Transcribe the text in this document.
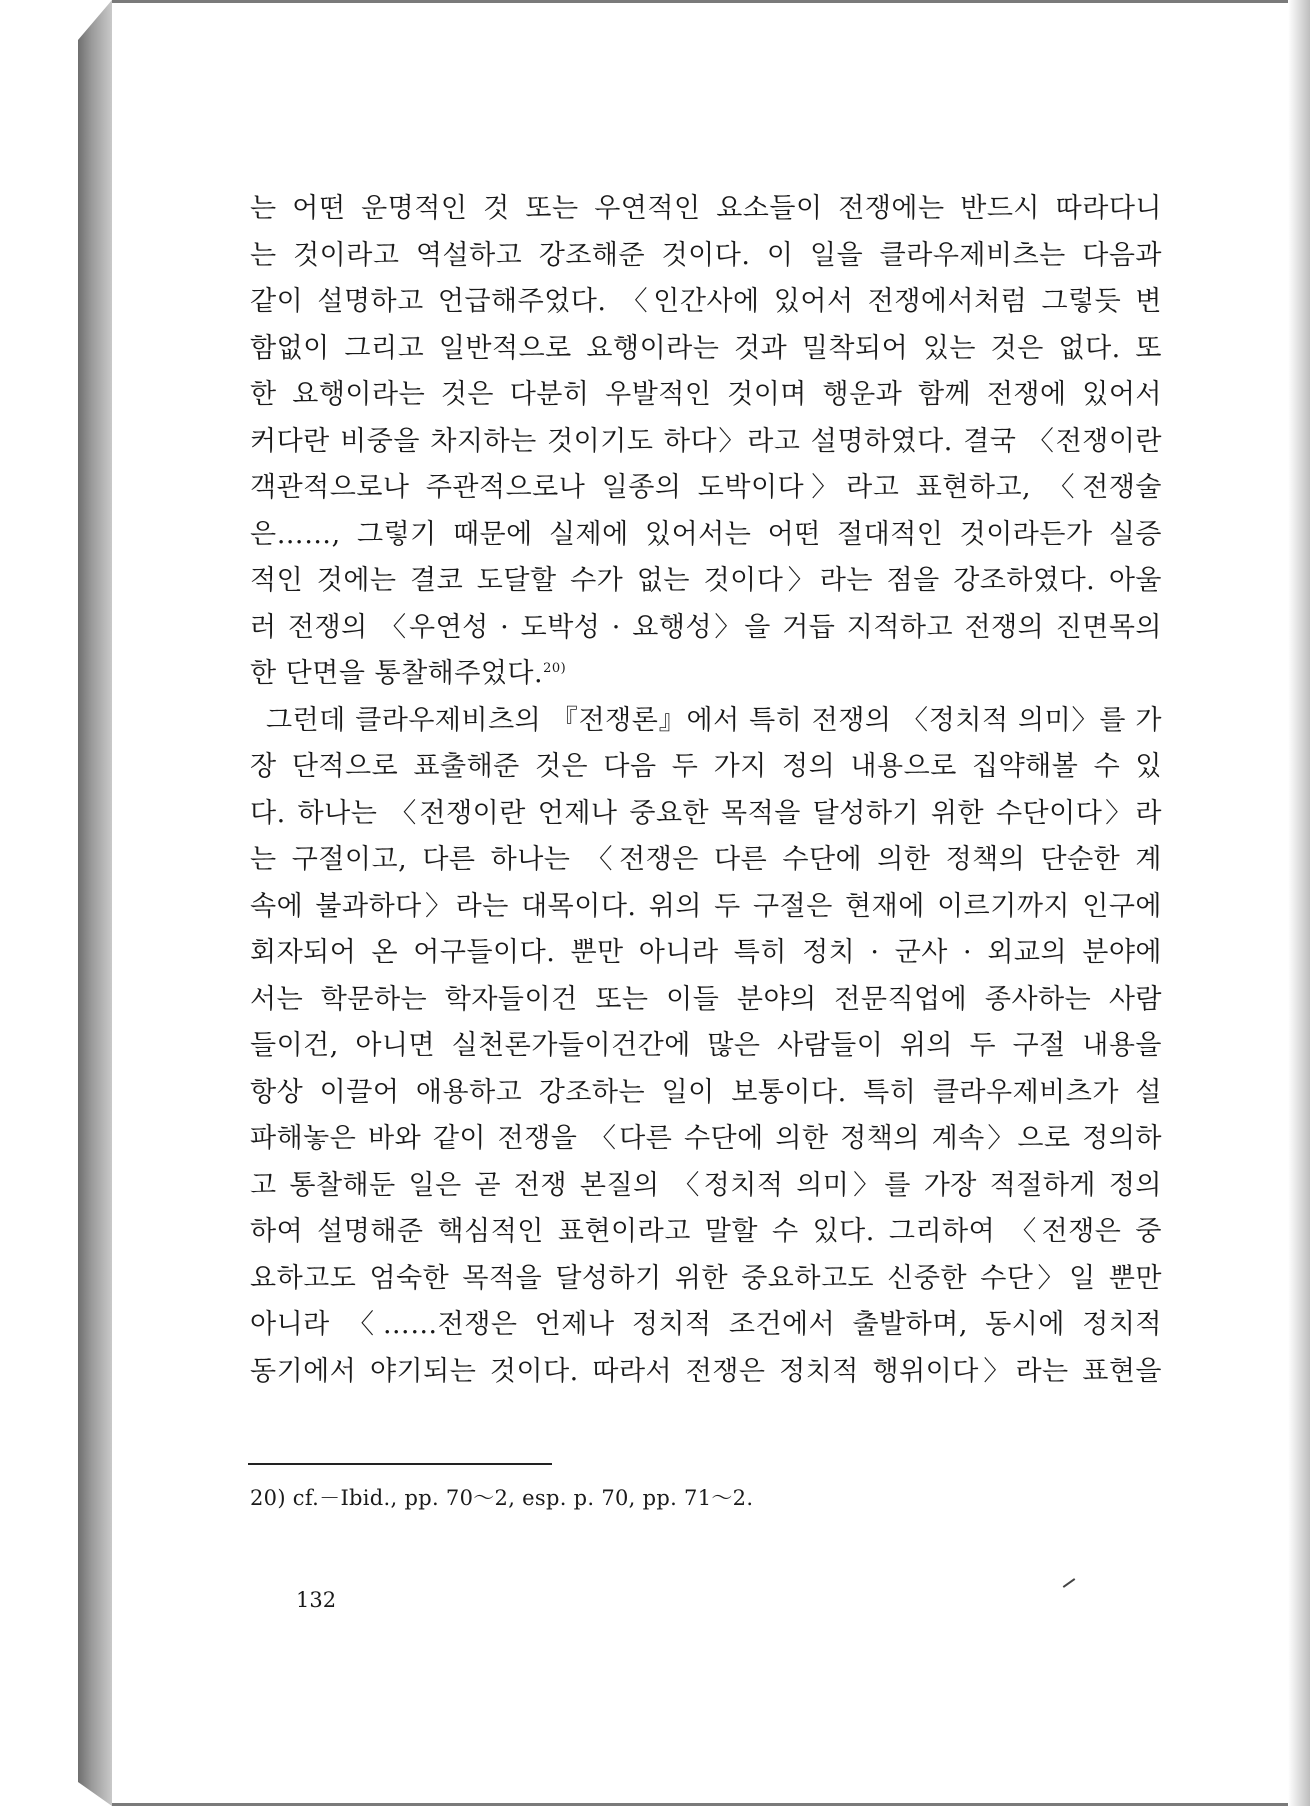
는 어떤 운명적인 것 또는 우연적인 요소들이 전쟁에는 반드시 따라다니
는 것이라고 역설하고 강조해준 것이다. 이 일을 클라우제비츠는 다음과
같이 설명하고 언급해주었다. 〈인간사에 있어서 전쟁에서처럼 그렇듯 변
함없이 그리고 일반적으로 요행이라는 것과 밀착되어 있는 것은 없다. 또
한 요행이라는 것은 다분히 우발적인 것이며 행운과 함께 전쟁에 있어서
커다란 비중을 차지하는 것이기도 하다〉라고 설명하였다. 결국 〈전쟁이란
객관적으로나 주관적으로나 일종의 도박이다〉라고 표현하고, 〈전쟁술
은……, 그렇기 때문에 실제에 있어서는 어떤 절대적인 것이라든가 실증
적인 것에는 결코 도달할 수가 없는 것이다〉라는 점을 강조하였다. 아울
러 전쟁의 〈우연성 · 도박성 · 요행성〉을 거듭 지적하고 전쟁의 진면목의
한 단면을 통찰해주었다.$^{20)}$
그런데 클라우제비츠의 『전쟁론』에서 특히 전쟁의 〈정치적 의미〉를 가
장 단적으로 표출해준 것은 다음 두 가지 정의 내용으로 집약해볼 수 있
다. 하나는 〈전쟁이란 언제나 중요한 목적을 달성하기 위한 수단이다〉라
는 구절이고, 다른 하나는 〈전쟁은 다른 수단에 의한 정책의 단순한 계
속에 불과하다〉라는 대목이다. 위의 두 구절은 현재에 이르기까지 인구에
회자되어 온 어구들이다. 뿐만 아니라 특히 정치 · 군사 · 외교의 분야에
서는 학문하는 학자들이건 또는 이들 분야의 전문직업에 종사하는 사람
들이건, 아니면 실천론가들이건간에 많은 사람들이 위의 두 구절 내용을
항상 이끌어 애용하고 강조하는 일이 보통이다. 특히 클라우제비츠가 설
파해놓은 바와 같이 전쟁을 〈다른 수단에 의한 정책의 계속〉으로 정의하
고 통찰해둔 일은 곧 전쟁 본질의 〈정치적 의미〉를 가장 적절하게 정의
하여 설명해준 핵심적인 표현이라고 말할 수 있다. 그리하여 〈전쟁은 중
요하고도 엄숙한 목적을 달성하기 위한 중요하고도 신중한 수단〉일 뿐만
아니라 〈……전쟁은 언제나 정치적 조건에서 출발하며, 동시에 정치적
동기에서 야기되는 것이다. 따라서 전쟁은 정치적 행위이다〉라는 표현을
20) cf.－Ibid., pp. 70～2, esp. p. 70, pp. 71～2.
132
